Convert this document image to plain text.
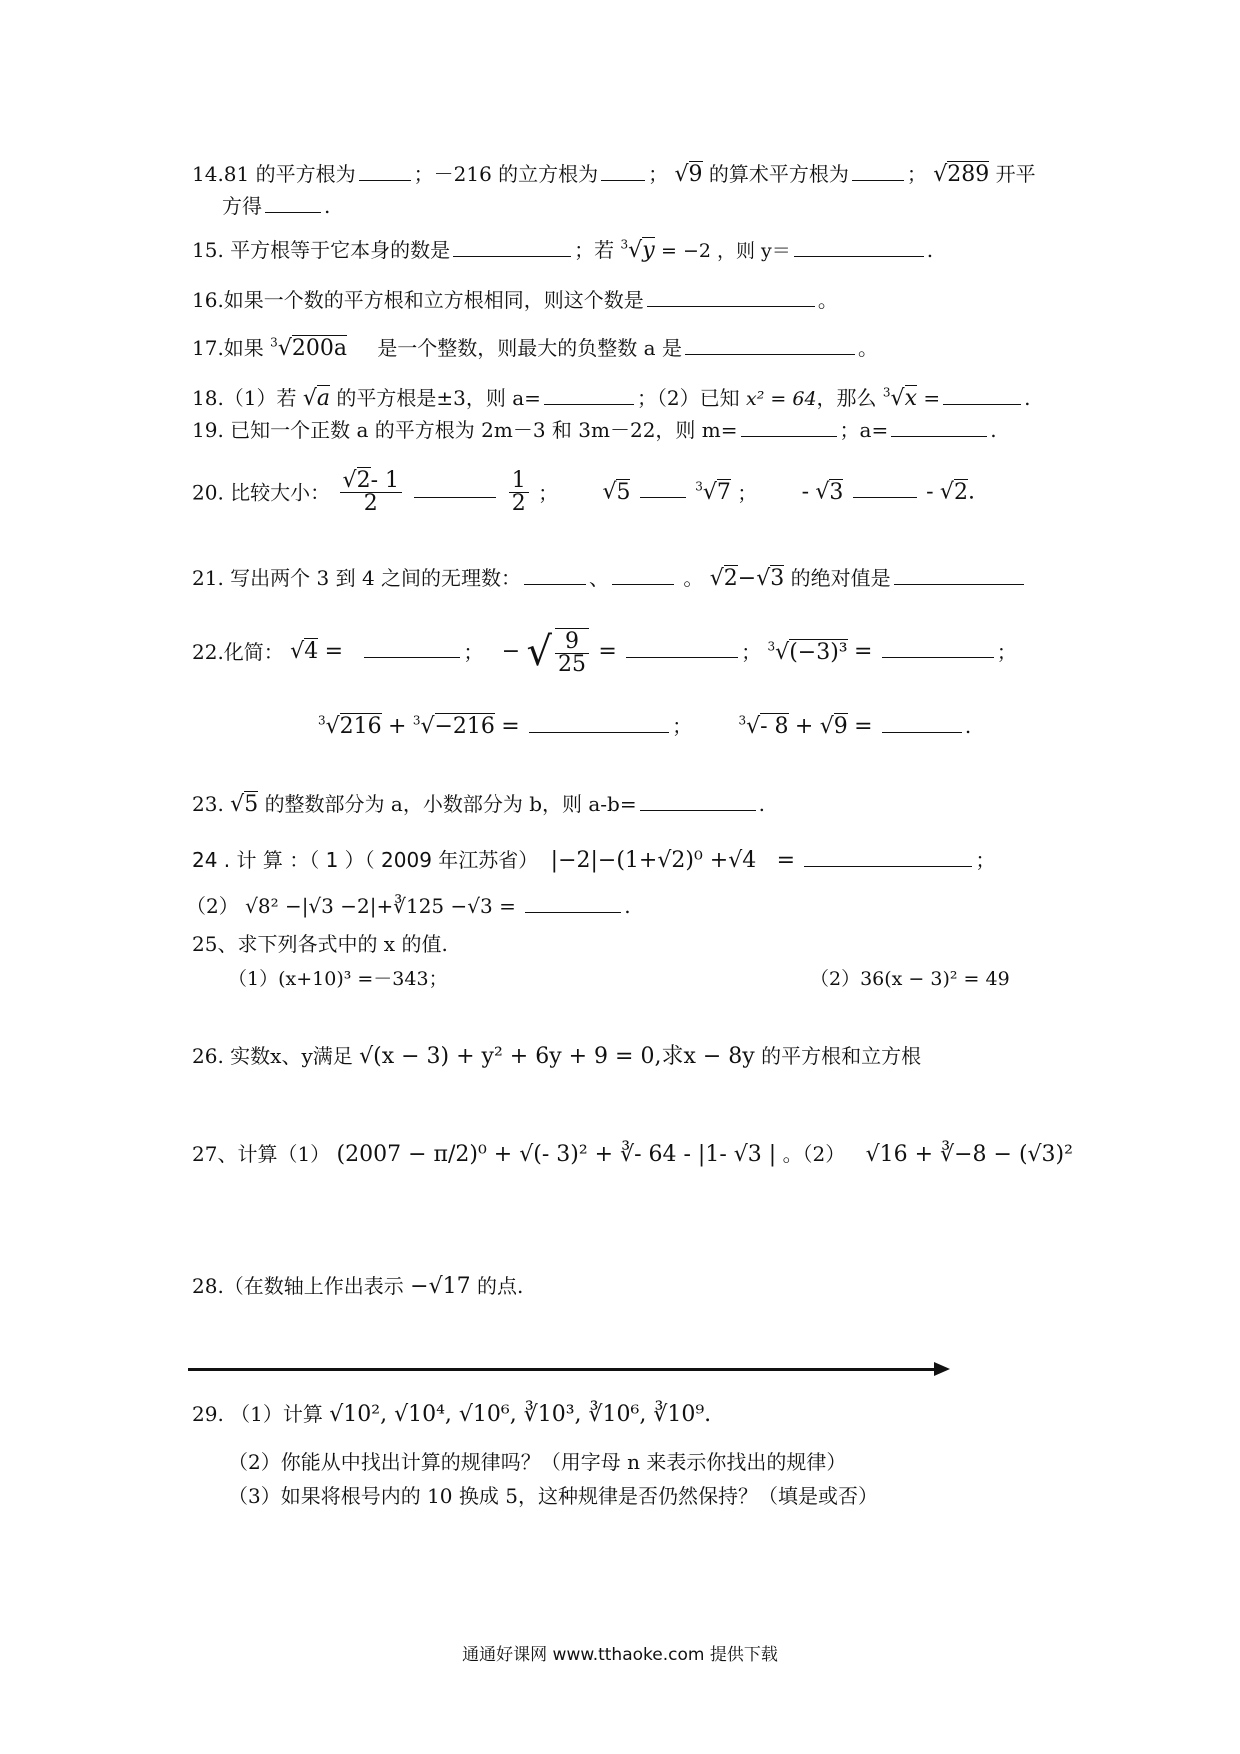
14.81 的平方根为	；－216 的立方根为	； √9 的算术平方根为	； √289 开平
方得	.
15. 平方根等于它本身的数是	；若 $^3$√y = −2 ，则 y＝	.
16.如果一个数的平方根和立方根相同，则这个数是	。
17.如果 $^3$√200a 是一个整数，则最大的负整数 a 是	。
18.（1）若 √a 的平方根是±3，则 a=	；（2）已知 x² = 64，那么 $^3$√x =	.
19. 已知一个正数 a 的平方根为 2m－3 和 3m－22，则 m=	；a=	.
20. 比较大小： $\frac{√2- 1}{2}$
	$\frac{1}{2}$ ； √5	$^3$√7 ； - √3	- √2.
21. 写出两个 3 到 4 之间的无理数：	、	。 √2−√3 的绝对值是
22.化简： √4 =	； − √ $\frac{9}{25}$ =	； $^3$√(−3)³ =	；
$^3$√216 + $^3$√−216 =	；	$^3$√- 8 + √9 =	.
23. √5 的整数部分为 a，小数部分为 b，则 a-b=	.
24 . 计 算 ：（ 1 ）（ 2009 年江苏省） |−2|−(1+√2)⁰ +√4 =	；
（2） √8² −|√3 −2|+∛125 −√3 =	.
25、求下列各式中的 x 的值.
（1）(x+10)³ =－343；	（2）36(x − 3)² = 49
26. 实数x、y满足 √(x − 3) + y² + 6y + 9 = 0,求x − 8y 的平方根和立方根
27、计算（1） (2007 − π/2)⁰ + √(- 3)² + ∛- 64 - |1- √3 | 。（2） √16 + ∛−8 − (√3)²
28.（在数轴上作出表示 −√17 的点.
29. （1）计算 √10², √10⁴, √10⁶, ∛10³, ∛10⁶, ∛10⁹.
（2）你能从中找出计算的规律吗？（用字母 n 来表示你找出的规律）
（3）如果将根号内的 10 换成 5，这种规律是否仍然保持？（填是或否）
通通好课网 www.tthaoke.com 提供下载
